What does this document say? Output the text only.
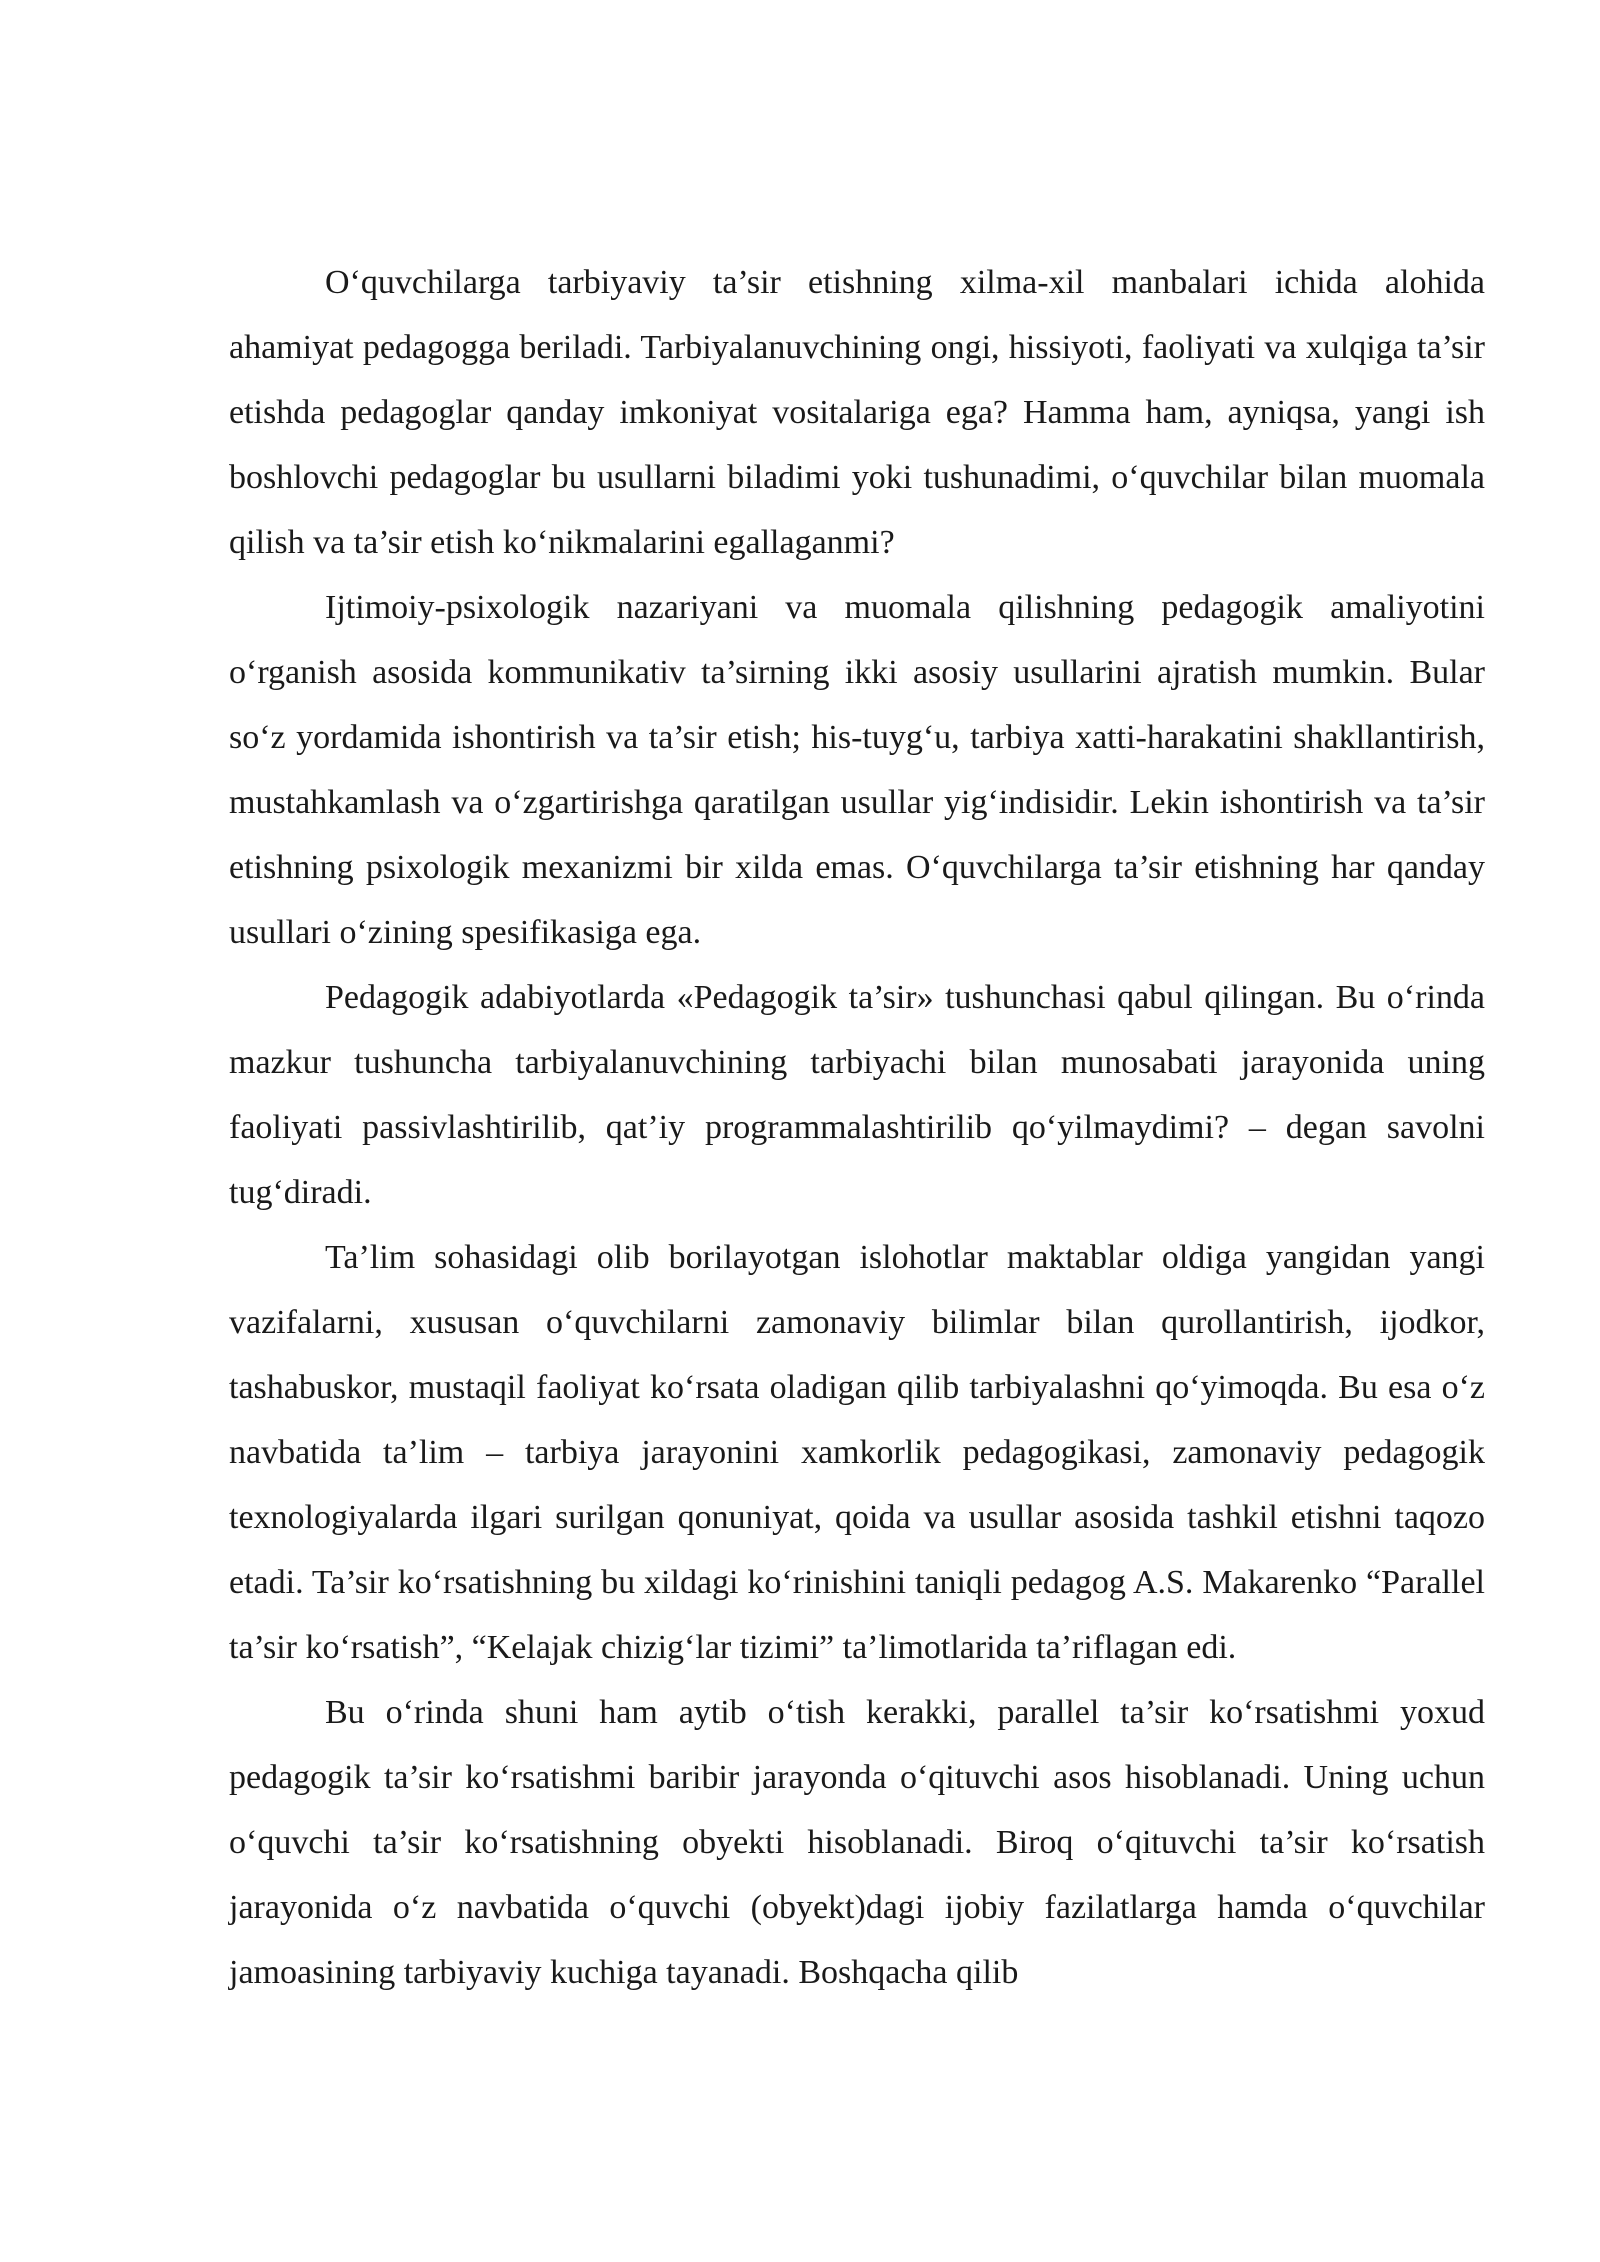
O‘quvchilarga tarbiyaviy ta’sir etishning xilma-xil manbalari ichida alohida ahamiyat pedagogga beriladi. Tarbiyalanuvchining ongi, hissiyoti, faoliyati va xulqiga ta’sir etishda pedagoglar qanday imkoniyat vositalariga ega? Hamma ham, ayniqsa, yangi ish boshlovchi pedagoglar bu usullarni biladimi yoki tushunadimi, o‘quvchilar bilan muomala qilish va ta’sir etish ko‘nikmalarini egallaganmi?

Ijtimoiy-psixologik nazariyani va muomala qilishning pedagogik amaliyotini o‘rganish asosida kommunikativ ta’sirning ikki asosiy usullarini ajratish mumkin. Bular so‘z yordamida ishontirish va ta’sir etish; his-tuyg‘u, tarbiya xatti-harakatini shakllantirish, mustahkamlash va o‘zgartirishga qaratilgan usullar yig‘indisidir. Lekin ishontirish va ta’sir etishning psixologik mexanizmi bir xilda emas. O‘quvchilarga ta’sir etishning har qanday usullari o‘zining spesifikasiga ega.

Pedagogik adabiyotlarda «Pedagogik ta’sir» tushunchasi qabul qilingan. Bu o‘rinda mazkur tushuncha tarbiyalanuvchining tarbiyachi bilan munosabati jarayonida uning faoliyati passivlashtirilib, qat’iy programmalashtirilib qo‘yilmaydimi? – degan savolni tug‘diradi.

Ta’lim sohasidagi olib borilayotgan islohotlar maktablar oldiga yangidan yangi vazifalarni, xususan o‘quvchilarni zamonaviy bilimlar bilan qurollantirish, ijodkor, tashabuskor, mustaqil faoliyat ko‘rsata oladigan qilib tarbiyalashni qo‘yimoqda. Bu esa o‘z navbatida ta’lim – tarbiya jarayonini xamkorlik pedagogikasi, zamonaviy pedagogik texnologiyalarda ilgari surilgan qonuniyat, qoida va usullar asosida tashkil etishni taqozo etadi. Ta’sir ko‘rsatishning bu xildagi ko‘rinishini taniqli pedagog A.S. Makarenko “Parallel ta’sir ko‘rsatish”, “Kelajak chizig‘lar tizimi” ta’limotlarida ta’riflagan edi.

Bu o‘rinda shuni ham aytib o‘tish kerakki, parallel ta’sir ko‘rsatishmi yoxud pedagogik ta’sir ko‘rsatishmi baribir jarayonda o‘qituvchi asos hisoblanadi. Uning uchun o‘quvchi ta’sir ko‘rsatishning obyekti hisoblanadi. Biroq o‘qituvchi ta’sir ko‘rsatish jarayonida o‘z navbatida o‘quvchi (obyekt)dagi ijobiy fazilatlarga hamda o‘quvchilar jamoasining tarbiyaviy kuchiga tayanadi. Boshqacha qilib
